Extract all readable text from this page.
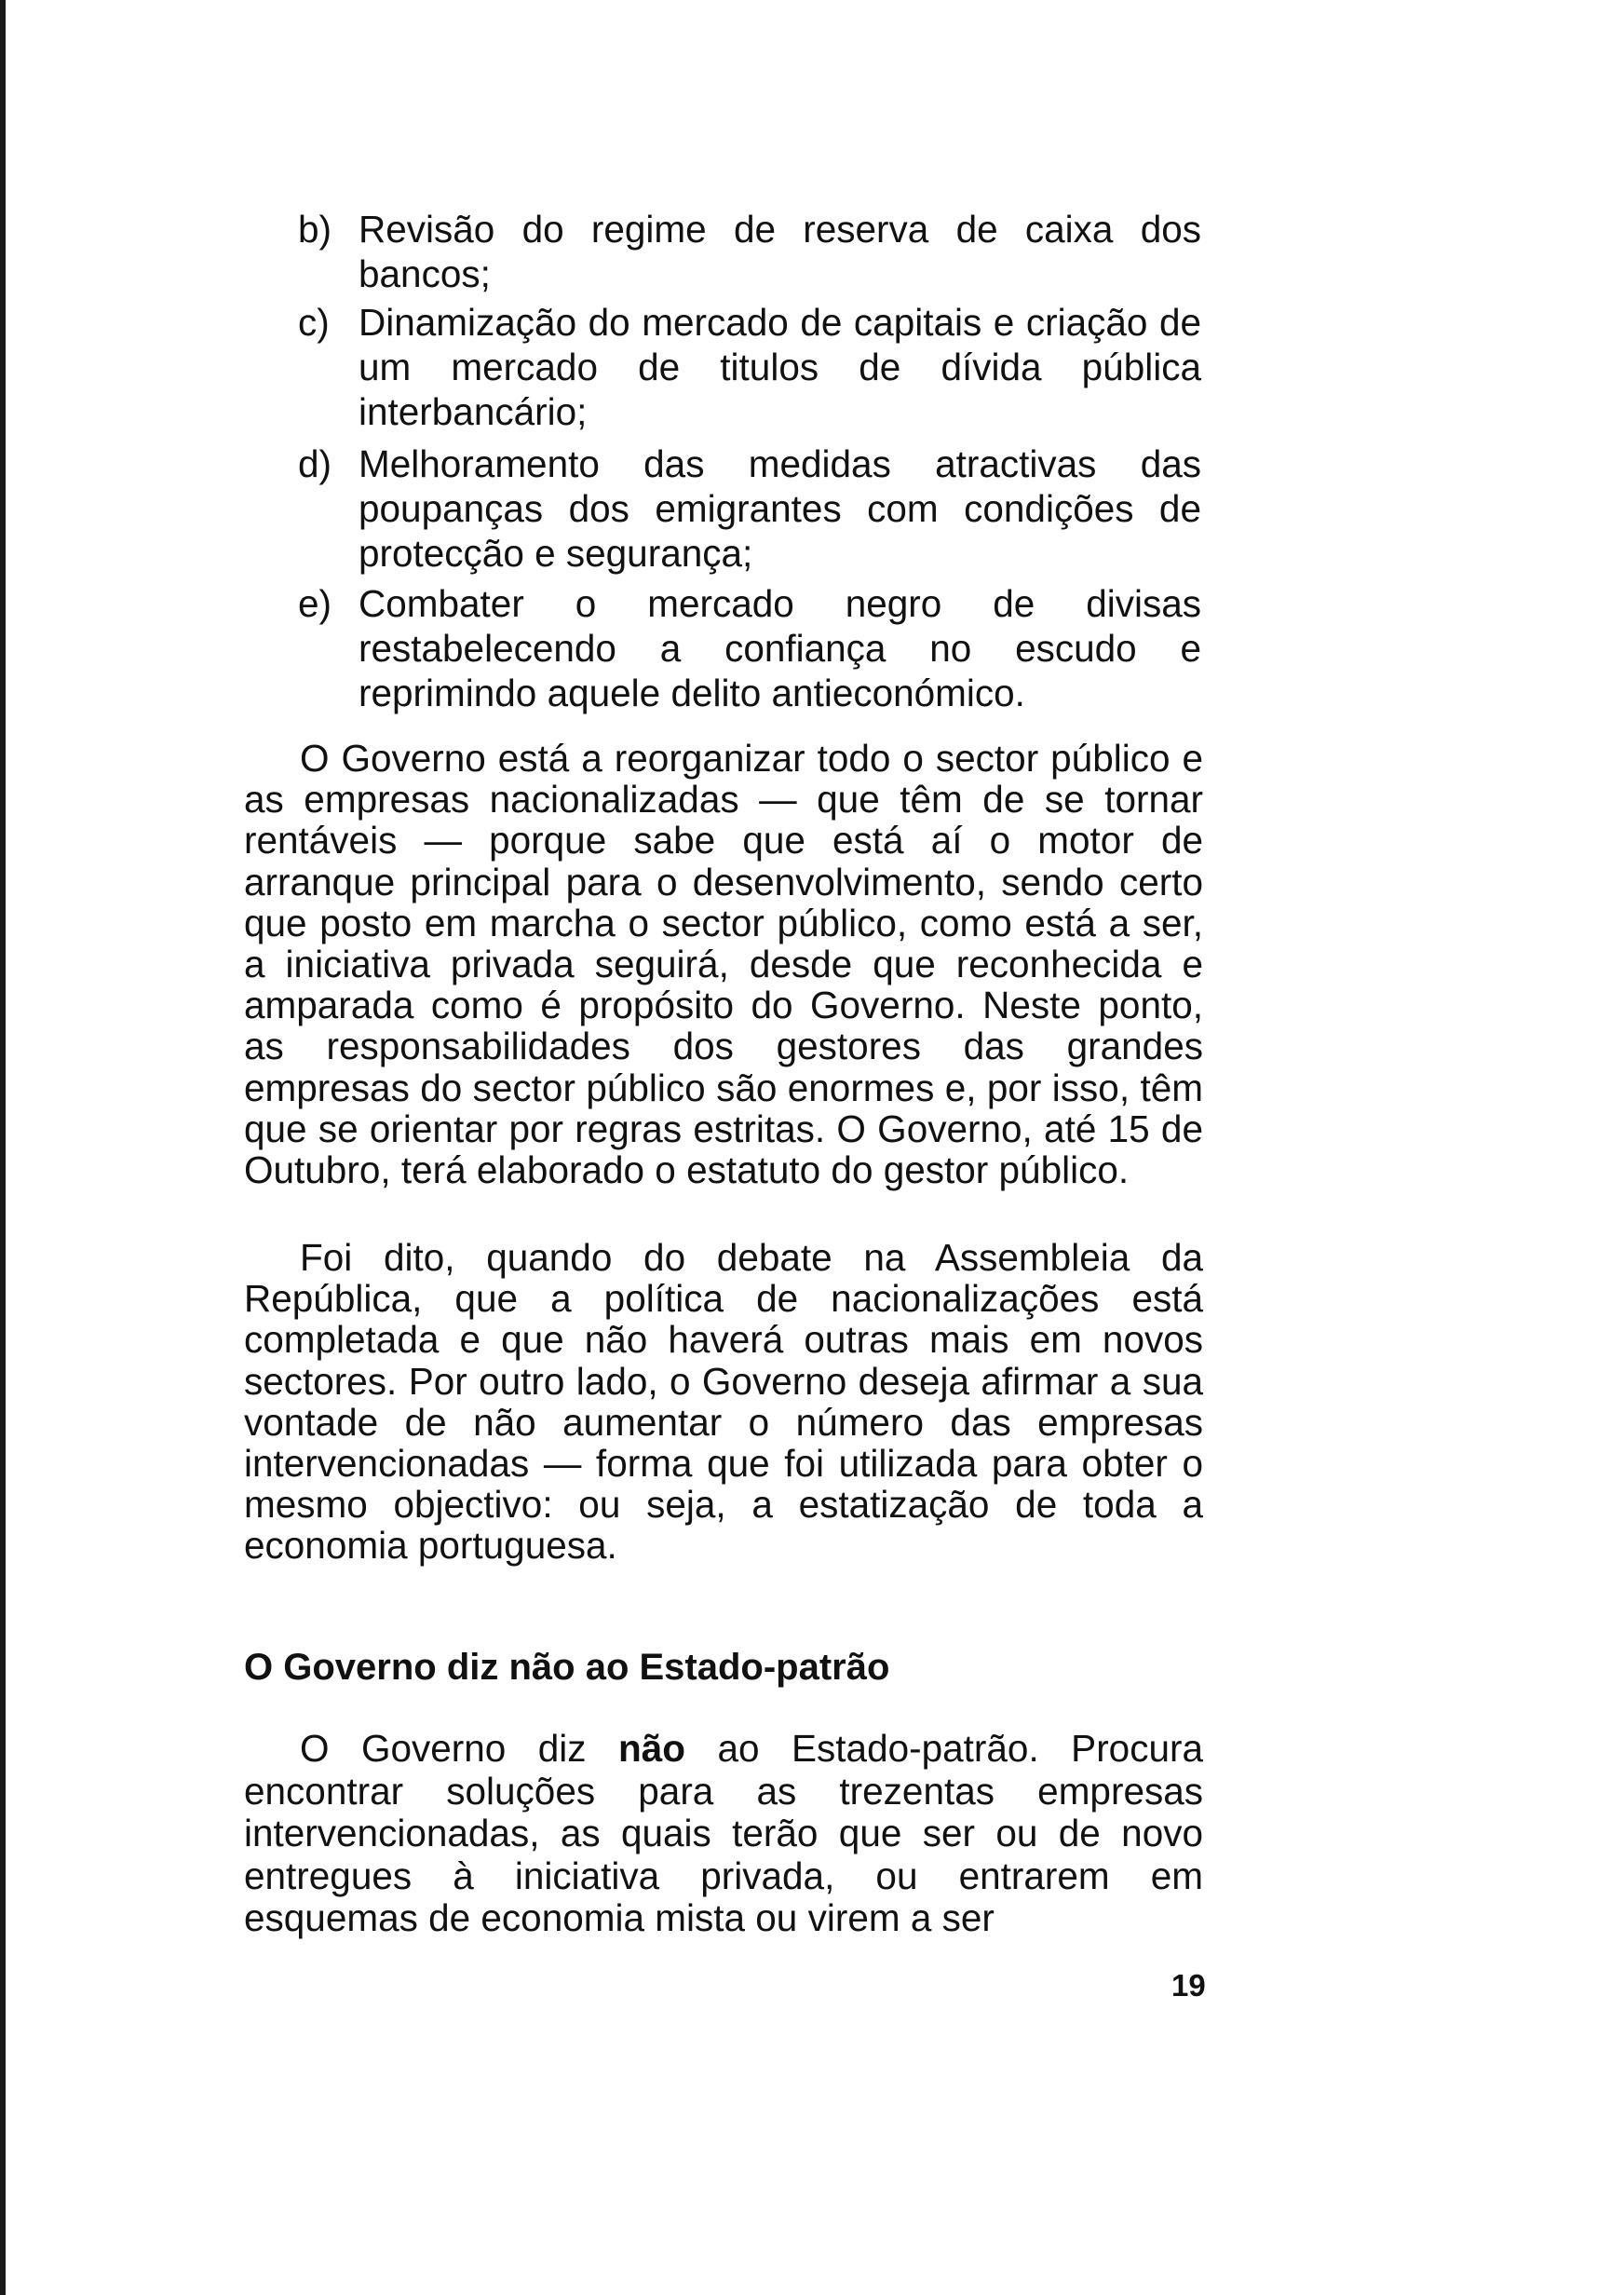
b) Revisão do regime de reserva de caixa dos bancos;
c) Dinamização do mercado de capitais e criação de um mercado de titulos de dívida pública interbancário;
d) Melhoramento das medidas atractivas das poupanças dos emigrantes com condições de protecção e segurança;
e) Combater o mercado negro de divisas restabelecendo a confiança no escudo e reprimindo aquele delito antieconómico.

O Governo está a reorganizar todo o sector público e as empresas nacionalizadas — que têm de se tornar rentáveis — porque sabe que está aí o motor de arranque principal para o desenvolvimento, sendo certo que posto em marcha o sector público, como está a ser, a iniciativa privada seguirá, desde que reconhecida e amparada como é propósito do Governo. Neste ponto, as responsabilidades dos gestores das grandes empresas do sector público são enormes e, por isso, têm que se orientar por regras estritas. O Governo, até 15 de Outubro, terá elaborado o estatuto do gestor público.

Foi dito, quando do debate na Assembleia da República, que a política de nacionalizações está completada e que não haverá outras mais em novos sectores. Por outro lado, o Governo deseja afirmar a sua vontade de não aumentar o número das empresas intervencionadas — forma que foi utilizada para obter o mesmo objectivo: ou seja, a estatização de toda a economia portuguesa.

O Governo diz não ao Estado-patrão

O Governo diz não ao Estado-patrão. Procura encontrar soluções para as trezentas empresas intervencionadas, as quais terão que ser ou de novo entregues à iniciativa privada, ou entrarem em esquemas de economia mista ou virem a ser

19
